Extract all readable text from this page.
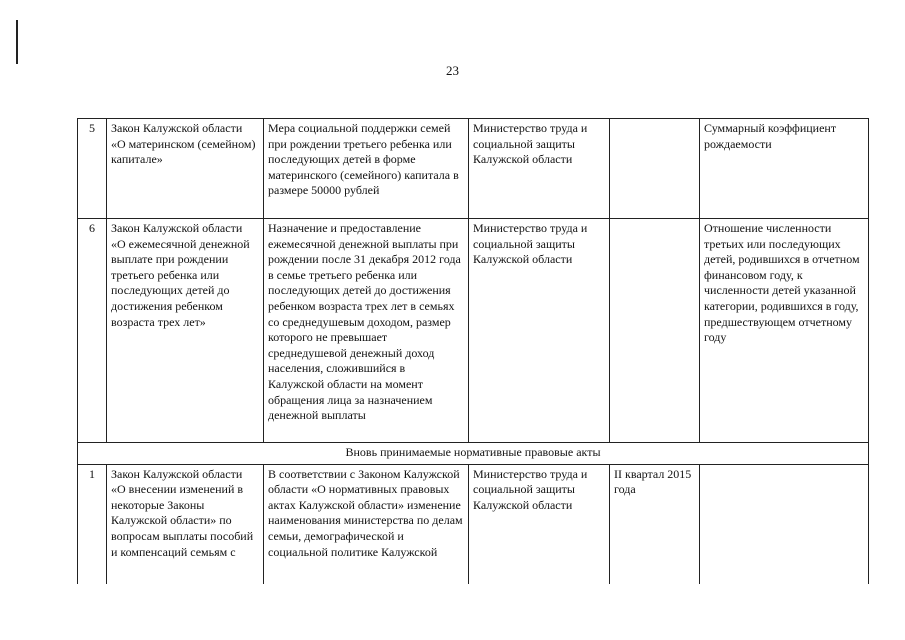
23
5	Закон Калужской области «О материнском (семейном) капитале»	Мера социальной поддержки семей при рождении третьего ребенка или последующих детей в форме материнского (семейного) капитала в размере 50000 рублей	Министерство труда и социальной защиты Калужской области		Суммарный коэффициент рождаемости
6	Закон Калужской области «О ежемесячной денежной выплате при рождении третьего ребенка или последующих детей до достижения ребенком возраста трех лет»	Назначение и предоставление ежемесячной денежной выплаты при рождении после 31 декабря 2012 года в семье третьего ребенка или последующих детей до достижения ребенком возраста трех лет в семьях со среднедушевым доходом, размер которого не превышает среднедушевой денежный доход населения, сложившийся в Калужской области на момент обращения лица за назначением денежной выплаты	Министерство труда и социальной защиты Калужской области		Отношение численности третьих или последующих детей, родившихся в отчетном финансовом году, к численности детей указанной категории, родившихся в году, предшествующем отчетному году
Вновь принимаемые нормативные правовые акты					
1	Закон Калужской области «О внесении изменений в некоторые Законы Калужской области» по вопросам выплаты пособий и компенсаций семьям с	В соответствии с Законом Калужской области «О нормативных правовых актах Калужской области» изменение наименования министерства по делам семьи, демографической и социальной политике Калужской	Министерство труда и социальной защиты Калужской области	II квартал 2015 года	
